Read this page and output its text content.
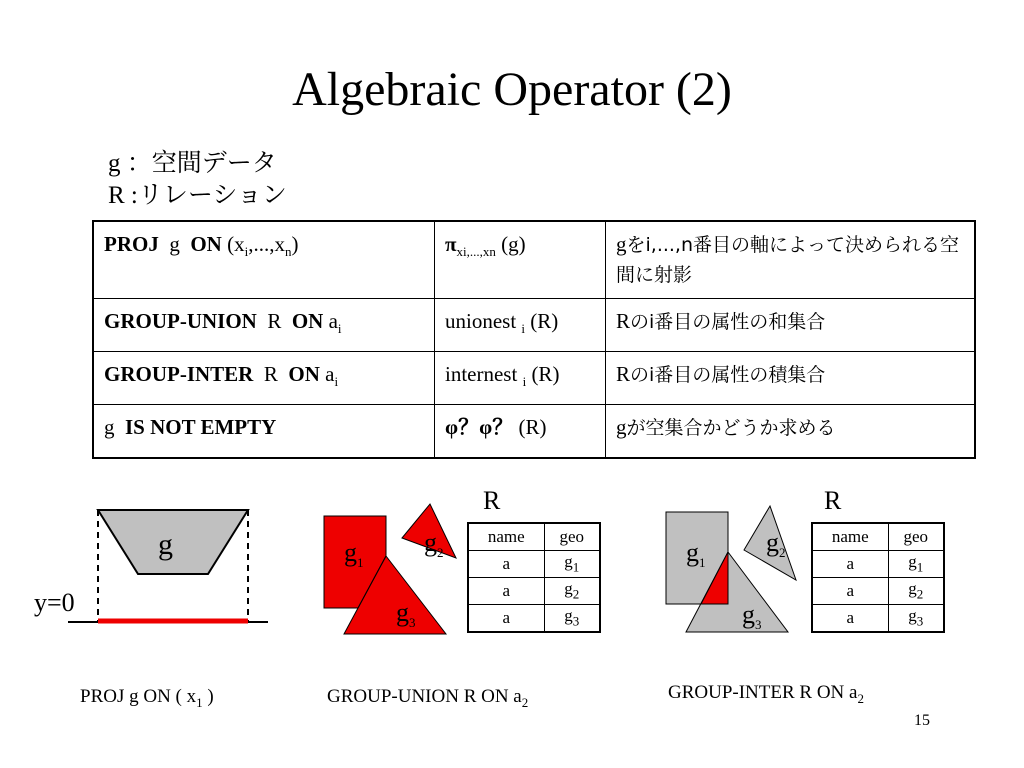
Algebraic Operator (2)
g ：空間データ
R :リレーション
PROJ g ON $(x_i,...,x_n)$	$\pi_{xi,...,xn}$ (g)	gをi,...,n番目の軸によって決められる空間に射影
GROUP-UNION R ON $a_i$	unionest $_i$ (R)	Rのi番目の属性の和集合
GROUP-INTER R ON $a_i$	internest $_i$ (R)	Rのi番目の属性の積集合
g IS NOT EMPTY	φ？φ？ (R)	gが空集合かどうか求める
g
y=0
PROJ g ON ( $x_1$ )
$g_1$
$g_2$
$g_3$
R
name	geo
a	$g_1$
a	$g_2$
a	$g_3$
GROUP-UNION R ON $a_2$
$g_1$
$g_2$
$g_3$
R
name	geo
a	$g_1$
a	$g_2$
a	$g_3$
GROUP-INTER R ON $a_2$
15
